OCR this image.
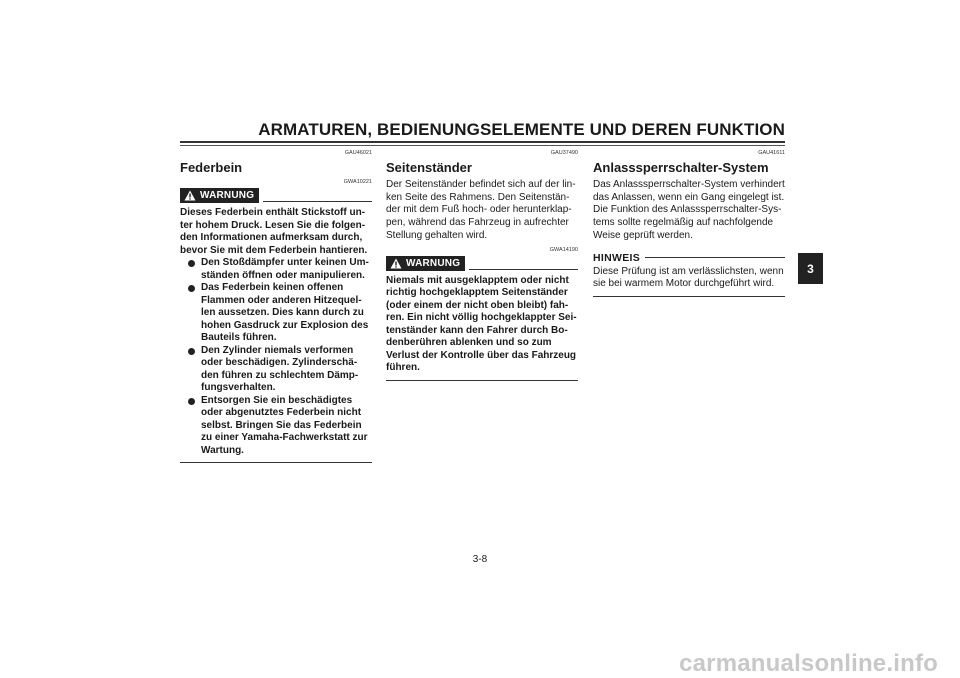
ARMATUREN, BEDIENUNGSELEMENTE UND DEREN FUNKTION

GAU46021

Federbein

GWA10221

WARNUNG

Dieses Federbein enthält Stickstoff un-ter hohem Druck. Lesen Sie die folgen-den Informationen aufmerksam durch, bevor Sie mit dem Federbein hantieren.

Den Stoßdämpfer unter keinen Um-ständen öffnen oder manipulieren.
Das Federbein keinen offenen Flammen oder anderen Hitzequel-len aussetzen. Dies kann durch zu hohen Gasdruck zur Explosion des Bauteils führen.
Den Zylinder niemals verformen oder beschädigen. Zylinderschä-den führen zu schlechtem Dämp-fungsverhalten.
Entsorgen Sie ein beschädigtes oder abgenutztes Federbein nicht selbst. Bringen Sie das Federbein zu einer Yamaha-Fachwerkstatt zur Wartung.

GAU37490

Seitenständer

Der Seitenständer befindet sich auf der lin-ken Seite des Rahmens. Den Seitenstän-der mit dem Fuß hoch- oder herunterklap-pen, während das Fahrzeug in aufrechter Stellung gehalten wird.

GWA14190

WARNUNG

Niemals mit ausgeklapptem oder nicht richtig hochgeklapptem Seitenständer (oder einem der nicht oben bleibt) fah-ren. Ein nicht völlig hochgeklappter Sei-tenständer kann den Fahrer durch Bo-denberühren ablenken und so zum Verlust der Kontrolle über das Fahrzeug führen.

GAU41611

Anlasssperrschalter-System

Das Anlasssperrschalter-System verhindert das Anlassen, wenn ein Gang eingelegt ist. Die Funktion des Anlasssperrschalter-Sys-tems sollte regelmäßig auf nachfolgende Weise geprüft werden.

HINWEIS

Diese Prüfung ist am verlässlichsten, wenn sie bei warmem Motor durchgeführt wird.

3
3-8
carmanualsonline.info
